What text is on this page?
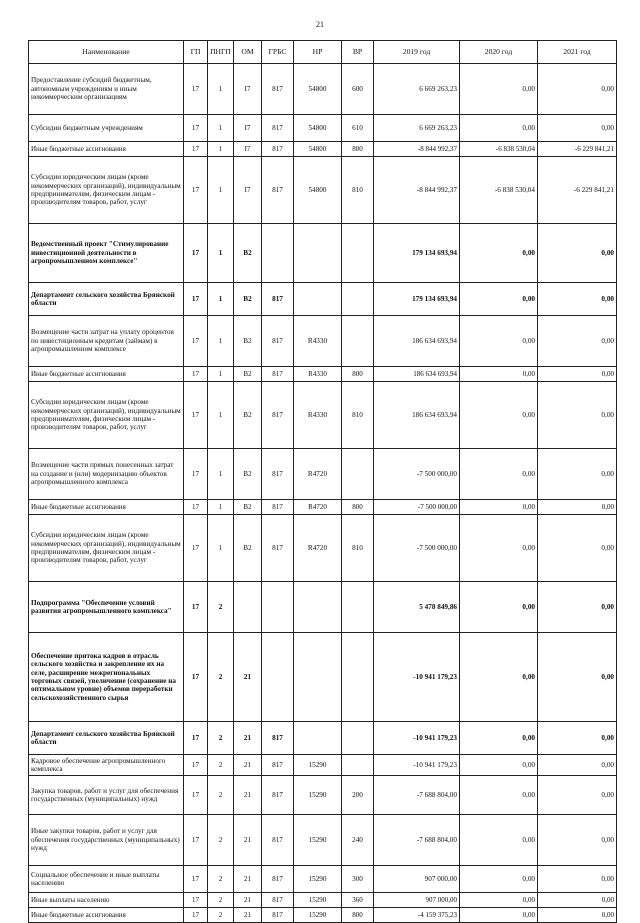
21
Наименование	ГП	ПНГП	ОМ	ГРБС	НР	ВР	2019 год	2020 год	2021 год
Предоставление субсидий бюджетным, автономным учреждениям и иным некоммерческим организациям	17	1	I7	817	54800	600	6 669 263,23	0,00	0,00
Субсидии бюджетным учреждениям	17	1	I7	817	54800	610	6 669 263,23	0,00	0,00
Иные бюджетные ассигнования	17	1	I7	817	54800	800	-8 844 992,37	-6 838 530,04	-6 229 841,21
Субсидии юридическим лицам (кроме некоммерческих организаций), индивидуальным предпринимателям, физическим лицам - производителям товаров, работ, услуг	17	1	I7	817	54800	810	-8 844 992,37	-6 838 530,04	-6 229 841,21
Ведомственный проект "Стимулирование инвестиционной деятельности в агропромышленном комплексе"	17	1	В2				179 134 693,94	0,00	0,00
Департамент сельского хозяйства Брянской области	17	1	В2	817			179 134 693,94	0,00	0,00
Возмещение части затрат на уплату процентов по инвестиционным кредитам (займам) в агропромышленном комплексе	17	1	В2	817	R4330		186 634 693,94	0,00	0,00
Иные бюджетные ассигнования	17	1	В2	817	R4330	800	186 634 693,94	0,00	0,00
Субсидии юридическим лицам (кроме некоммерческих организаций), индивидуальным предпринимателям, физическим лицам - производителям товаров, работ, услуг	17	1	В2	817	R4330	810	186 634 693,94	0,00	0,00
Возмещение части прямых понесенных затрат на создание и (или) модернизацию объектов агропромышленного комплекса	17	1	В2	817	R4720		-7 500 000,00	0,00	0,00
Иные бюджетные ассигнования	17	1	В2	817	R4720	800	-7 500 000,00	0,00	0,00
Субсидии юридическим лицам (кроме некоммерческих организаций), индивидуальным предпринимателям, физическим лицам - производителям товаров, работ, услуг	17	1	В2	817	R4720	810	-7 500 000,00	0,00	0,00
Подпрограмма "Обеспечение условий развития агропромышленного комплекса"	17	2					5 478 849,86	0,00	0,00
Обеспечение притока кадров в отрасль сельского хозяйства и закрепление их на селе, расширение межрегиональных торговых связей, увеличение (сохранение на оптимальном уровне) объемов переработки сельскохозяйственного сырья	17	2	21				-10 941 179,23	0,00	0,00
Департамент сельского хозяйства Брянской области	17	2	21	817			-10 941 179,23	0,00	0,00
Кадровое обеспечение агропромышленного комплекса	17	2	21	817	15290		-10 941 179,23	0,00	0,00
Закупка товаров, работ и услуг для обеспечения государственных (муниципальных) нужд	17	2	21	817	15290	200	-7 688 804,00	0,00	0,00
Иные закупки товаров, работ и услуг для обеспечения государственных (муниципальных) нужд	17	2	21	817	15290	240	-7 688 804,00	0,00	0,00
Социальное обеспечение и иные выплаты населению	17	2	21	817	15290	300	907 000,00	0,00	0,00
Иные выплаты населению	17	2	21	817	15290	360	907 000,00	0,00	0,00
Иные бюджетные ассигнования	17	2	21	817	15290	800	-4 159 375,23	0,00	0,00
